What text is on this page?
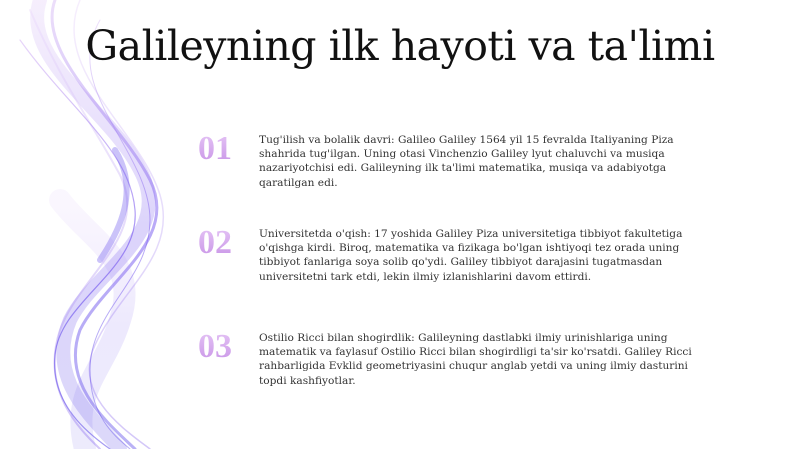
Galileyning ilk hayoti va ta'limi
01	Tug'ilish va bolalik davri: Galileo Galiley 1564 yil 15 fevralda Italiyaning Piza shahrida tug'ilgan. Uning otasi Vinchenzio Galiley lyut chaluvchi va musiqa nazariyotchisi edi. Galileyning ilk ta'limi matematika, musiqa va adabiyotga qaratilgan edi.
02	Universitetda o'qish: 17 yoshida Galiley Piza universitetiga tibbiyot fakultetiga o'qishga kirdi. Biroq, matematika va fizikaga bo'lgan ishtiyoqi tez orada uning tibbiyot fanlariga soya solib qo'ydi. Galiley tibbiyot darajasini tugatmasdan universitetni tark etdi, lekin ilmiy izlanishlarini davom ettirdi.
03	Ostilio Ricci bilan shogirdlik: Galileyning dastlabki ilmiy urinishlariga uning matematik va faylasuf Ostilio Ricci bilan shogirdligi ta'sir ko'rsatdi. Galiley Ricci rahbarligida Evklid geometriyasini chuqur anglab yetdi va uning ilmiy dasturini topdi kashfiyotlar.
